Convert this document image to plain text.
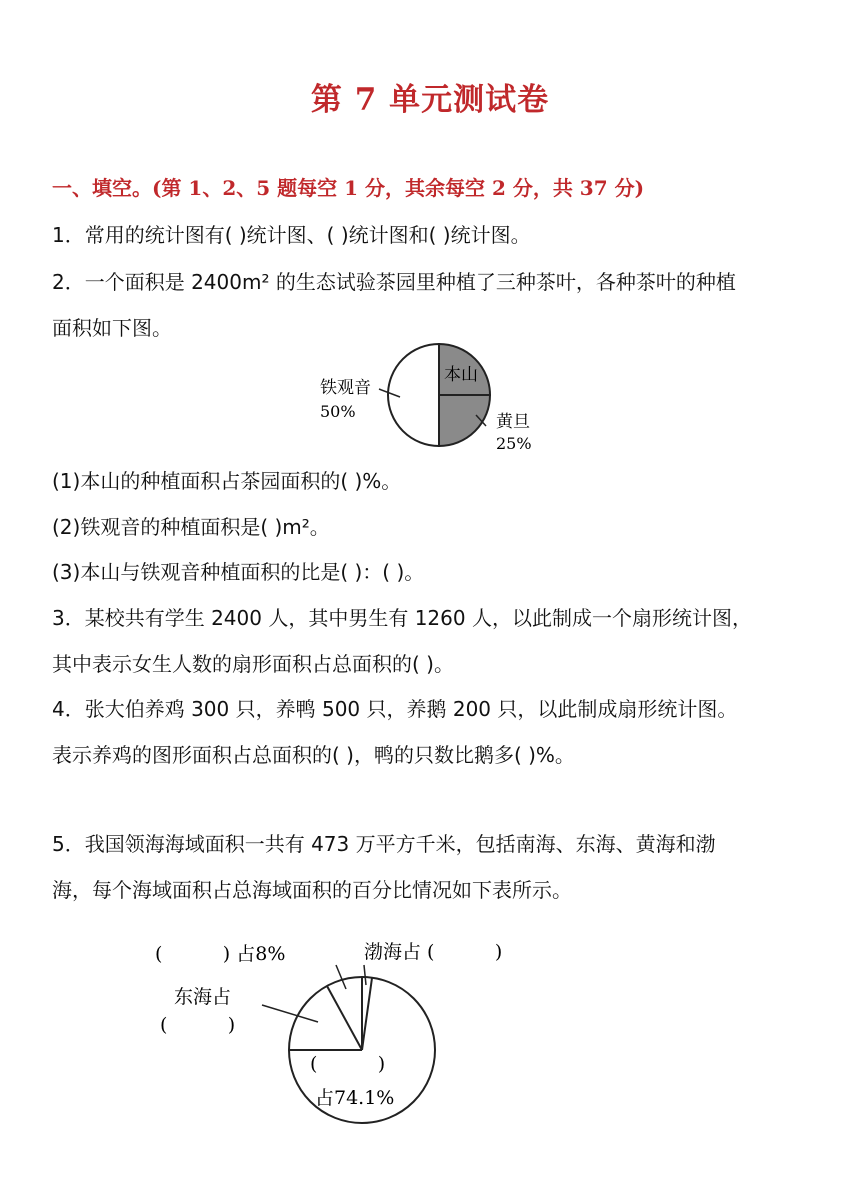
第 7 单元测试卷
一、填空。(第 1、2、5 题每空 1 分，其余每空 2 分，共 37 分)
1．常用的统计图有( )统计图、( )统计图和( )统计图。
2．一个面积是 2400m² 的生态试验茶园里种植了三种茶叶，各种茶叶的种植
面积如下图。
铁观音
50%
本山
黄旦
25%
(1)本山的种植面积占茶园面积的( )%。
(2)铁观音的种植面积是( )m²。
(3)本山与铁观音种植面积的比是( )：( )。
3．某校共有学生 2400 人，其中男生有 1260 人，以此制成一个扇形统计图，
其中表示女生人数的扇形面积占总面积的( )。
4．张大伯养鸡 300 只，养鸭 500 只，养鹅 200 只，以此制成扇形统计图。
表示养鸡的图形面积占总面积的( )，鸭的只数比鹅多( )%。
5．我国领海海域面积一共有 473 万平方千米，包括南海、东海、黄海和渤
海，每个海域面积占总海域面积的百分比情况如下表所示。
(          ) 占8%	渤海占 (          )
东海占
(          )
(          )
占74.1%
